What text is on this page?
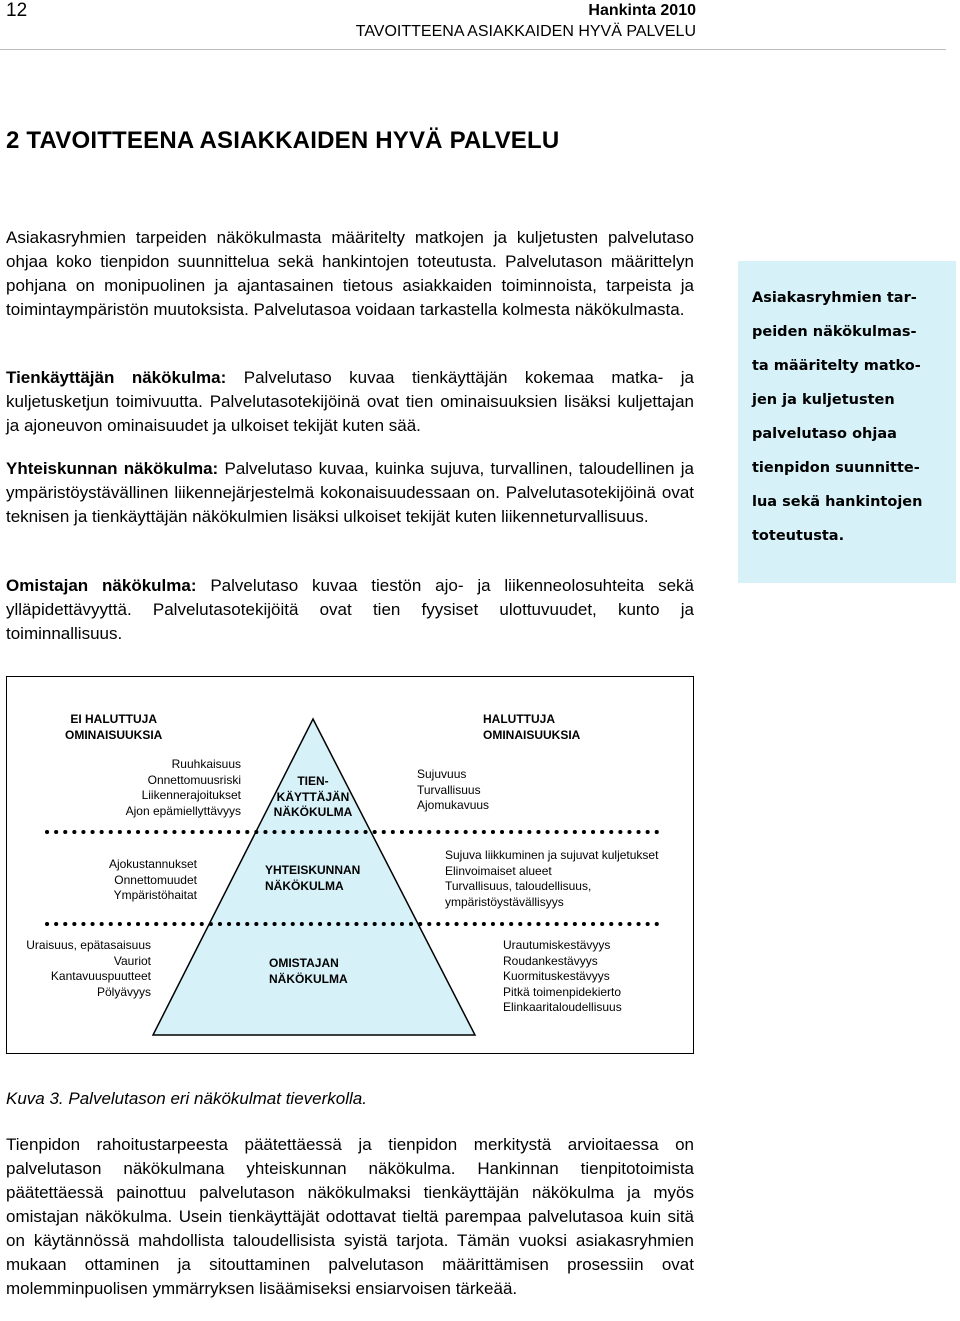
12	Hankinta 2010
TAVOITTEENA ASIAKKAIDEN HYVÄ PALVELU
2 TAVOITTEENA ASIAKKAIDEN HYVÄ PALVELU
Asiakasryhmien tarpeiden näkökulmasta määritelty matkojen ja kuljetusten palvelutaso ohjaa koko tienpidon suunnittelua sekä hankintojen toteutusta. Palvelutason määrittelyn pohjana on monipuolinen ja ajantasainen tietous asiakkaiden toiminnoista, tarpeista ja toimintaympäristön muutoksista. Palvelutasoa voidaan tarkastella kolmesta näkökulmasta.
Tienkäyttäjän näkökulma: Palvelutaso kuvaa tienkäyttäjän kokemaa matka- ja kuljetusketjun toimivuutta. Palvelutasotekijöinä ovat tien ominaisuuksien lisäksi kuljettajan ja ajoneuvon ominaisuudet ja ulkoiset tekijät kuten sää.
Yhteiskunnan näkökulma: Palvelutaso kuvaa, kuinka sujuva, turvallinen, taloudellinen ja ympäristöystävällinen liikennejärjestelmä kokonaisuudessaan on. Palvelutasotekijöinä ovat teknisen ja tienkäyttäjän näkökulmien lisäksi ulkoiset tekijät kuten liikenneturvallisuus.
Omistajan näkökulma: Palvelutaso kuvaa tiestön ajo- ja liikenneolosuhteita sekä ylläpidettävyyttä. Palvelutasotekijöitä ovat tien fyysiset ulottuvuudet, kunto ja toiminnallisuus.
Asiakasryhmien tar-
peiden näkökulmas-
ta määritelty matko-
jen ja kuljetusten
palvelutaso ohjaa
tienpidon suunnitte-
lua sekä hankintojen
toteutusta.
EI HALUTTUJA
OMINAISUUKSIA
HALUTTUJA
OMINAISUUKSIA
Ruuhkaisuus
Onnettomuusriski
Liikennerajoitukset
Ajon epämiellyttävyys
TIEN-
KÄYTTÄJÄN
NÄKÖKULMA
Sujuvuus
Turvallisuus
Ajomukavuus
Ajokustannukset
Onnettomuudet
Ympäristöhaitat
YHTEISKUNNAN
NÄKÖKULMA
Sujuva liikkuminen ja sujuvat kuljetukset
Elinvoimaiset alueet
Turvallisuus, taloudellisuus,
ympäristöystävällisyys
Uraisuus, epätasaisuus
Vauriot
Kantavuuspuutteet
Pölyävyys
OMISTAJAN
NÄKÖKULMA
Urautumiskestävyys
Roudankestävyys
Kuormituskestävyys
Pitkä toimenpidekierto
Elinkaaritaloudellisuus
Kuva 3. Palvelutason eri näkökulmat tieverkolla.
Tienpidon rahoitustarpeesta päätettäessä ja tienpidon merkitystä arvioitaessa on palvelutason näkökulmana yhteiskunnan näkökulma. Hankinnan tienpitotoimista päätettäessä painottuu palvelutason näkökulmaksi tienkäyttäjän näkökulma ja myös omistajan näkökulma. Usein tienkäyttäjät odottavat tieltä parempaa palvelutasoa kuin sitä on käytännössä mahdollista taloudellisista syistä tarjota. Tämän vuoksi asiakasryhmien mukaan ottaminen ja sitouttaminen palvelutason määrittämisen prosessiin ovat molemminpuolisen ymmärryksen lisäämiseksi ensiarvoisen tärkeää.
